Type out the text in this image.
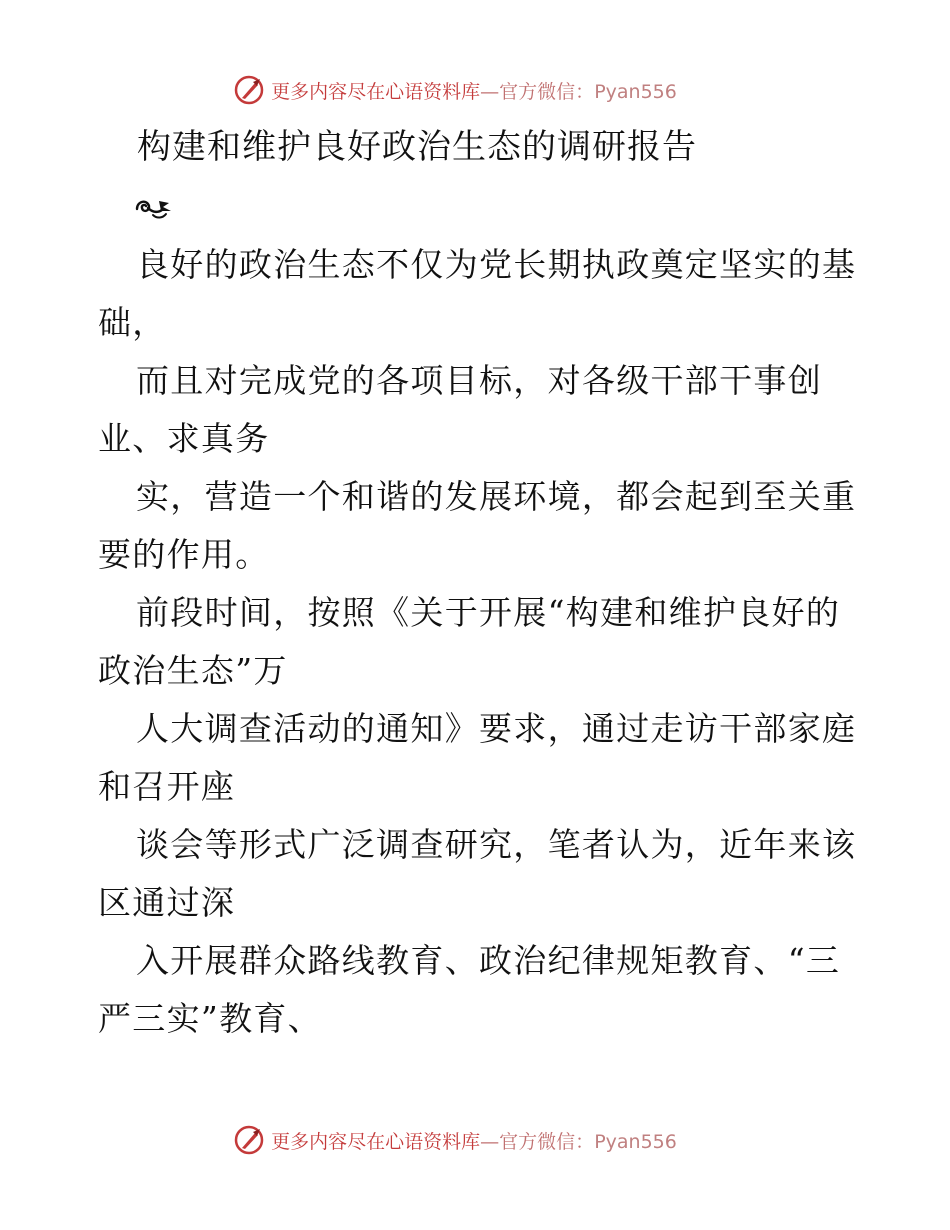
更多内容尽在心语资料库—官方微信：Pyan556
构建和维护良好政治生态的调研报告
良好的政治生态不仅为党长期执政奠定坚实的基
础，
而且对完成党的各项目标，对各级干部干事创
业、求真务
实，营造一个和谐的发展环境，都会起到至关重
要的作用。
前段时间，按照《关于开展“构建和维护良好的
政治生态”万
人大调查活动的通知》要求，通过走访干部家庭
和召开座
谈会等形式广泛调查研究，笔者认为，近年来该
区通过深
入开展群众路线教育、政治纪律规矩教育、“三
严三实”教育、
更多内容尽在心语资料库—官方微信：Pyan556
